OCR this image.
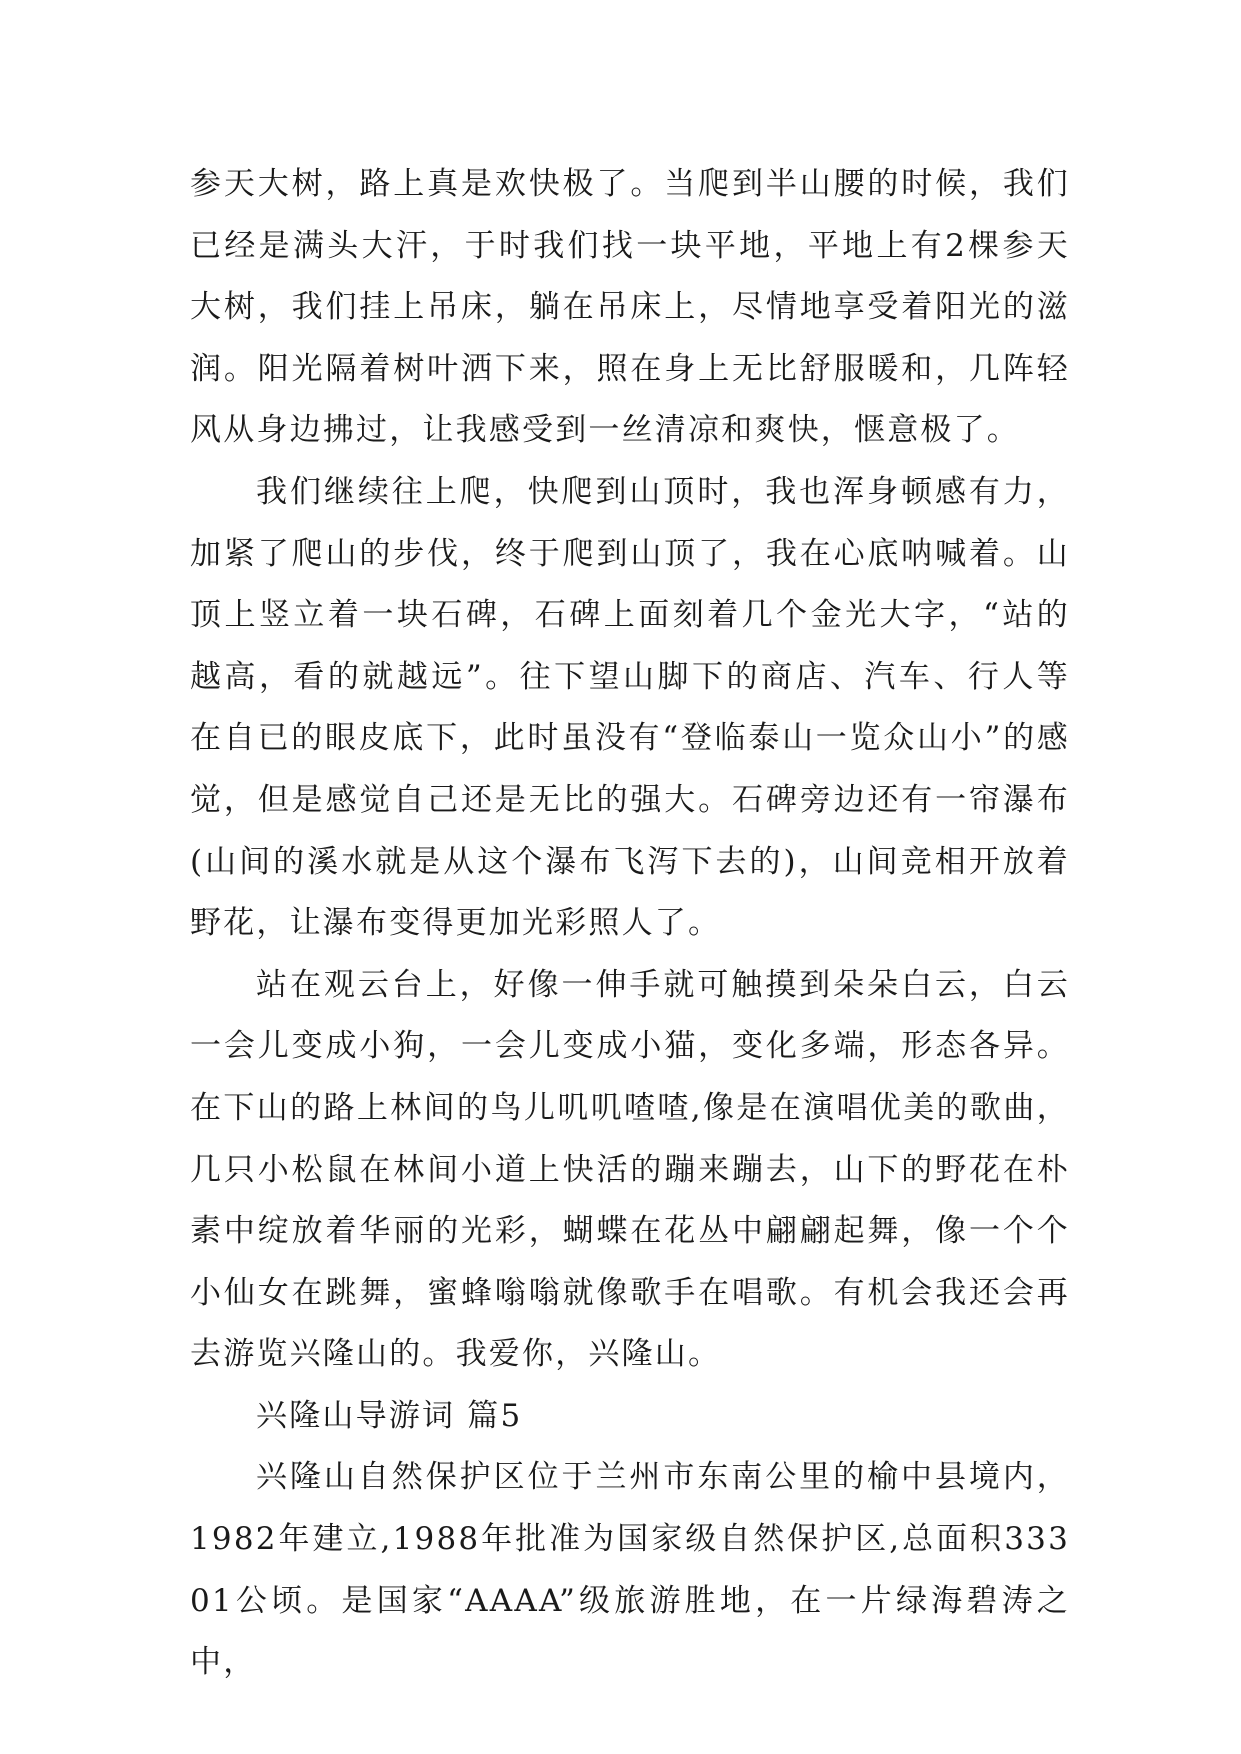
参天大树，路上真是欢快极了。当爬到半山腰的时候，我们已经是满头大汗，于时我们找一块平地，平地上有2棵参天大树，我们挂上吊床，躺在吊床上，尽情地享受着阳光的滋润。阳光隔着树叶洒下来，照在身上无比舒服暖和，几阵轻风从身边拂过，让我感受到一丝清凉和爽快，惬意极了。

我们继续往上爬，快爬到山顶时，我也浑身顿感有力，加紧了爬山的步伐，终于爬到山顶了，我在心底呐喊着。山顶上竖立着一块石碑，石碑上面刻着几个金光大字，“站的越高，看的就越远”。往下望山脚下的商店、汽车、行人等在自已的眼皮底下，此时虽没有“登临泰山一览众山小”的感觉，但是感觉自己还是无比的强大。石碑旁边还有一帘瀑布(山间的溪水就是从这个瀑布飞泻下去的)，山间竞相开放着野花，让瀑布变得更加光彩照人了。

站在观云台上，好像一伸手就可触摸到朵朵白云，白云一会儿变成小狗，一会儿变成小猫，变化多端，形态各异。在下山的路上林间的鸟儿叽叽喳喳,像是在演唱优美的歌曲，几只小松鼠在林间小道上快活的蹦来蹦去，山下的野花在朴素中绽放着华丽的光彩，蝴蝶在花丛中翩翩起舞，像一个个小仙女在跳舞，蜜蜂嗡嗡就像歌手在唱歌。有机会我还会再去游览兴隆山的。我爱你，兴隆山。

兴隆山导游词 篇5

兴隆山自然保护区位于兰州市东南公里的榆中县境内，1982年建立,1988年批准为国家级自然保护区,总面积33301公顷。是国家“AAAA”级旅游胜地，在一片绿海碧涛之中，
